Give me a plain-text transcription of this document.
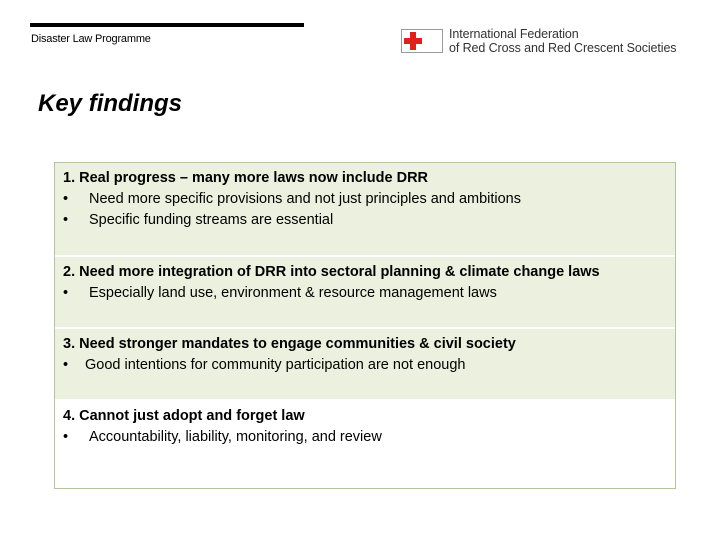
Disaster Law Programme	International Federation
of Red Cross and Red Crescent Societies
Key findings
1. Real progress – many more laws now include DRR
•	Need more specific provisions and not just principles and ambitions
•	Specific funding streams are essential
2. Need more integration of DRR into sectoral planning & climate change laws
•	Especially land use, environment & resource management laws
3. Need stronger mandates to engage communities & civil society
•	Good intentions for community participation are not enough
4. Cannot just adopt and forget law
•	Accountability, liability, monitoring, and review
